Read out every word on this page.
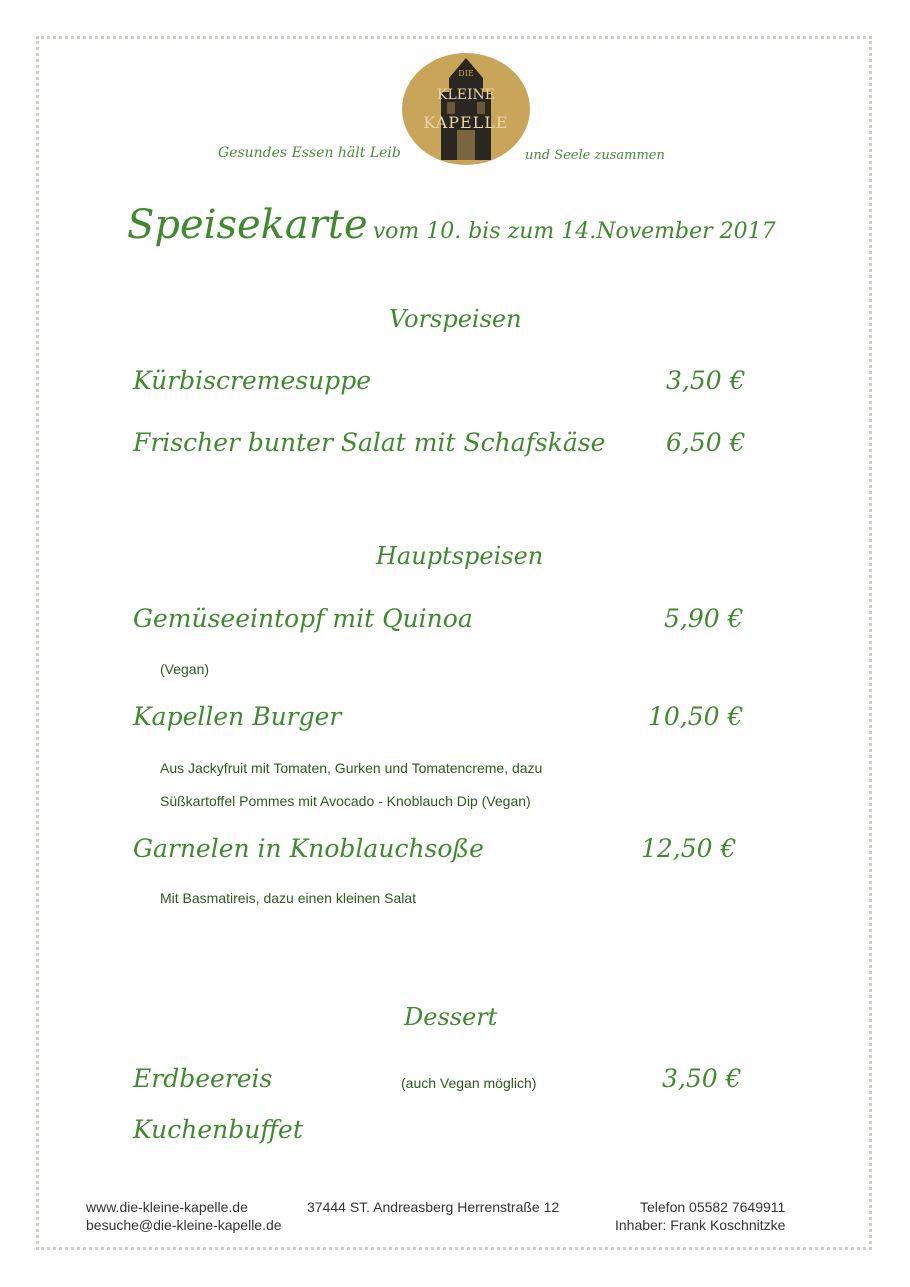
DIE
KLEINE
KAPELLE
Gesundes Essen hält Leib	und Seele zusammen
Speisekarte vom 10. bis zum 14.November 2017
Vorspeisen
Kürbiscremesuppe	3,50 €
Frischer bunter Salat mit Schafskäse 6,50 €
Hauptspeisen
Gemüseeintopf mit Quinoa	5,90 €
(Vegan)
Kapellen Burger	10,50 €
Aus Jackyfruit mit Tomaten, Gurken und Tomatencreme, dazu
Süßkartoffel Pommes mit Avocado - Knoblauch Dip (Vegan)
Garnelen in Knoblauchsoße	12,50 €
Mit Basmatireis, dazu einen kleinen Salat
Dessert
Erdbeereis	(auch Vegan möglich)	3,50 €
Kuchenbuffet
www.die-kleine-kapelle.de
besuche@die-kleine-kapelle.de
37444 ST. Andreasberg Herrenstraße 12	Telefon 05582 7649911
Inhaber: Frank Koschnitzke
